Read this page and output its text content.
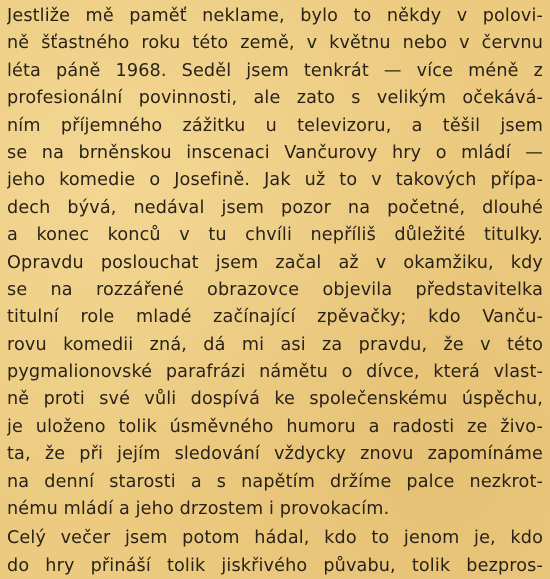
Jestliže mě paměť neklame, bylo to někdy v polovi-
ně šťastného roku této země, v květnu nebo v červnu
léta páně 1968. Seděl jsem tenkrát — více méně z
profesionální povinnosti, ale zato s velikým očekává-
ním příjemného zážitku u televizoru, a těšil jsem
se na brněnskou inscenaci Vančurovy hry o mládí —
jeho komedie o Josefině. Jak už to v takových přípa-
dech bývá, nedával jsem pozor na početné, dlouhé
a konec konců v tu chvíli nepříliš důležité titulky.
Opravdu poslouchat jsem začal až v okamžiku, kdy
se na rozzářené obrazovce objevila představitelka
titulní role mladé začínající zpěvačky; kdo Vanču-
rovu komedii zná, dá mi asi za pravdu, že v této
pygmalionovské parafrázi námětu o dívce, která vlast-
ně proti své vůli dospívá ke společenskému úspěchu,
je uloženo tolik úsměvného humoru a radosti ze živo-
ta, že při jejím sledování vždycky znovu zapomínáme
na denní starosti a s napětím držíme palce nezkrot-
nému mládí a jeho drzostem i provokacím.
Celý večer jsem potom hádal, kdo to jenom je, kdo
do hry přináší tolik jiskřivého půvabu, tolik bezpros-
